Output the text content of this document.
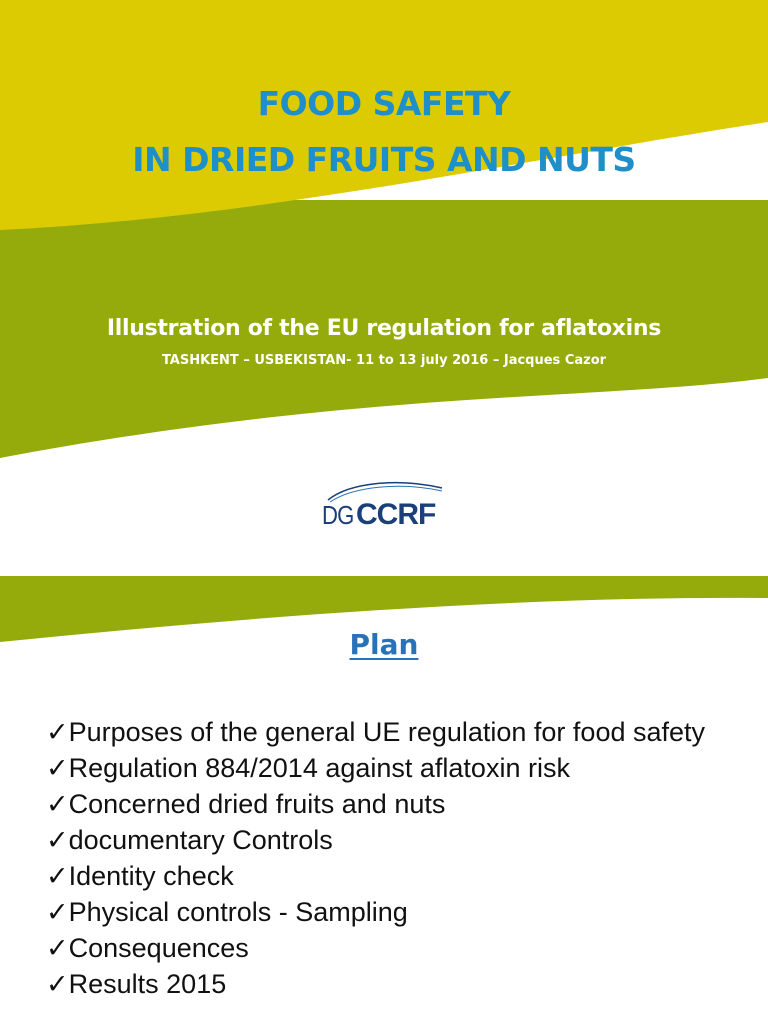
FOOD SAFETY
IN DRIED FRUITS AND NUTS
Illustration of the EU regulation for aflatoxins
TASHKENT – USBEKISTAN- 11 to 13 july 2016 – Jacques Cazor
DG CCRF
Plan
✓Purposes of the general UE regulation for food safety
✓Regulation 884/2014 against aflatoxin risk
✓Concerned dried fruits and nuts
✓documentary Controls
✓Identity check
✓Physical controls - Sampling
✓Consequences
✓Results 2015
